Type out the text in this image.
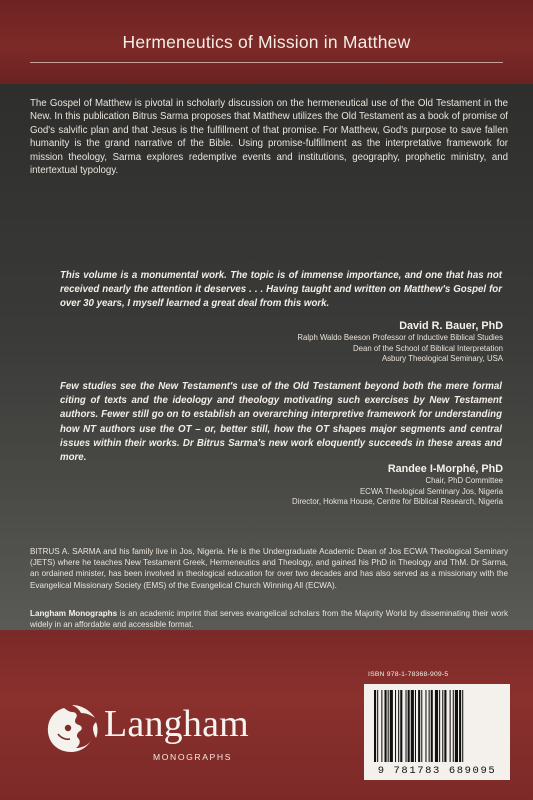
Hermeneutics of Mission in Matthew

The Gospel of Matthew is pivotal in scholarly discussion on the hermeneutical use of the Old Testament in the New. In this publication Bitrus Sarma proposes that Matthew utilizes the Old Testament as a book of promise of God's salvific plan and that Jesus is the fulfillment of that promise. For Matthew, God's purpose to save fallen humanity is the grand narrative of the Bible. Using promise-fulfillment as the interpretative framework for mission theology, Sarma explores redemptive events and institutions, geography, prophetic ministry, and intertextual typology.

This volume is a monumental work. The topic is of immense importance, and one that has not received nearly the attention it deserves . . . Having taught and written on Matthew's Gospel for over 30 years, I myself learned a great deal from this work.

David R. Bauer, PhD
Ralph Waldo Beeson Professor of Inductive Biblical Studies
Dean of the School of Biblical Interpretation
Asbury Theological Seminary, USA

Few studies see the New Testament's use of the Old Testament beyond both the mere formal citing of texts and the ideology and theology motivating such exercises by New Testament authors. Fewer still go on to establish an overarching interpretive framework for understanding how NT authors use the OT – or, better still, how the OT shapes major segments and central issues within their works. Dr Bitrus Sarma's new work eloquently succeeds in these areas and more.

Randee I-Morphé, PhD
Chair, PhD Committee
ECWA Theological Seminary Jos, Nigeria
Director, Hokma House, Centre for Biblical Research, Nigeria

BITRUS A. SARMA and his family live in Jos, Nigeria. He is the Undergraduate Academic Dean of Jos ECWA Theological Seminary (JETS) where he teaches New Testament Greek, Hermeneutics and Theology, and gained his PhD in Theology and ThM. Dr Sarma, an ordained minister, has been involved in theological education for over two decades and has also served as a missionary with the Evangelical Missionary Society (EMS) of the Evangelical Church Winning All (ECWA).

Langham Monographs is an academic imprint that serves evangelical scholars from the Majority World by disseminating their work widely in an affordable and accessible format.

Langham
MONOGRAPHS
ISBN 978-1-78368-909-5
9 781783 689095
